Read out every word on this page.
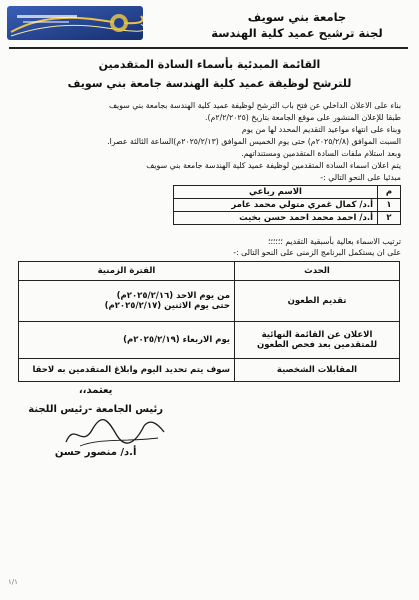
جامعة بني سويف
لجنة ترشيح عميد كلية الهندسة
القائمة المبدئية بأسماء السادة المتقدمين
للترشح لوظيفة عميد كلية الهندسة جامعة بني سويف
بناء على الاعلان الداخلي عن فتح باب الترشح لوظيفة عميد كلية الهندسة بجامعة بني سويف
طبقا للإعلان المنشور على موقع الجامعة بتاريخ (٢/٢/٢٠٢٥م).
وبناء على انتهاء مواعيد التقديم المحدد لها من يوم
السبت الموافق (٢٠٢٥/٢/٨م) حتى يوم الخميس الموافق (٢٠٢٥/٢/١٣م)الساعة الثالثة عصرا.
وبعد استلام ملفات السادة المتقدمين ومستنداتهم.
يتم اعلان اسماء السادة المتقدمين لوظيفة عميد كلية الهندسة جامعة بني سويف
مبدئيا على النحو التالي :-
م	الاسم رباعي
١	أ.د/ كمال غمري متولي محمد عامر
٢	أ.د/ احمد محمد احمد حسن بخيت
ترتيب الاسماء بعالية بأسبقية التقديم ؛؛؛؛؛؛
على ان يستكمل البرنامج الزمنى على النحو التالى :-
الحدث	الفترة الزمنية
تقديم الطعون	من يوم الاحد (٢٠٢٥/٢/١٦م)
حتى يوم الاثنين (٢٠٢٥/٢/١٧م)

الاعلان عن القائمة النهائية
للمتقدمين بعد فحص الطعون	يوم الاربعاء (٢٠٢٥/٢/١٩م)

المقابلات الشخصية	سوف يتم تحديد اليوم وابلاغ المتقدمين به لاحقا
يعتمد،،
رئيس الجامعة -رئيس اللجنة
أ.د/ منصور حسن
١/١
